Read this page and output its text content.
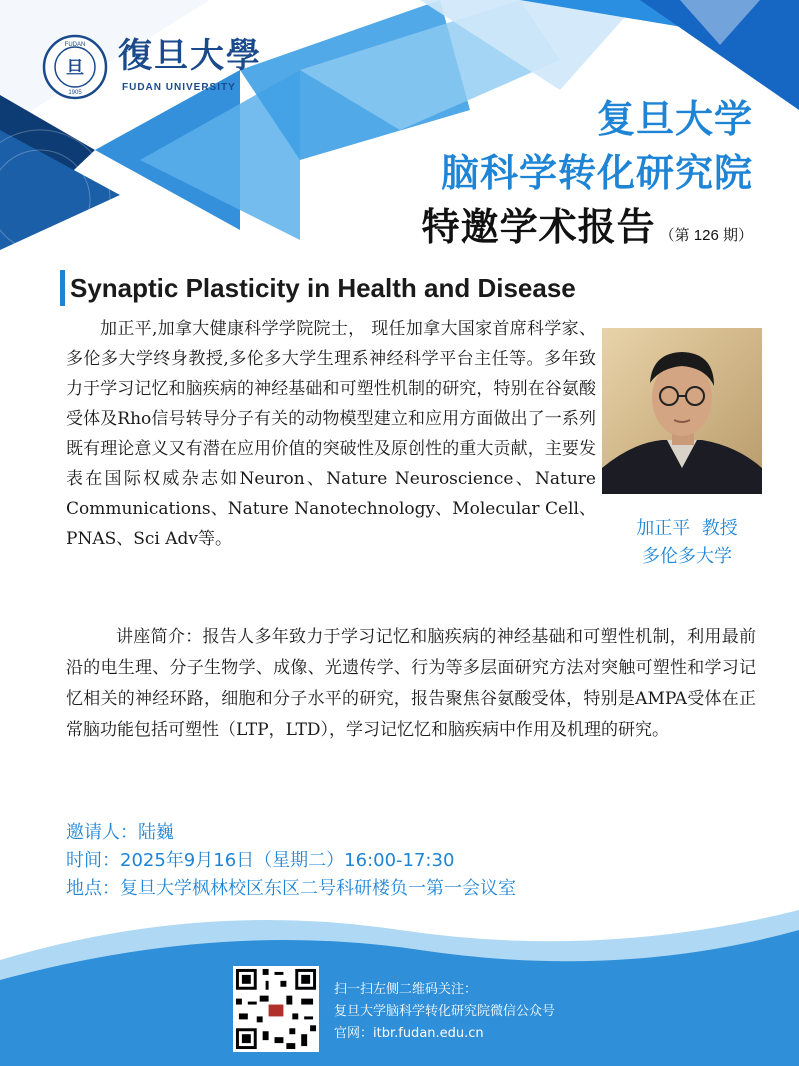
旦
FUDAN
1905
復旦大學
FUDAN UNIVERSITY
复旦大学
脑科学转化研究院
特邀学术报告 （第 126 期）
Synaptic Plasticity in Health and Disease
加正平,加拿大健康科学学院院士， 现任加拿大国家首席科学家、多伦多大学终身教授,多伦多大学生理系神经科学平台主任等。多年致力于学习记忆和脑疾病的神经基础和可塑性机制的研究，特别在谷氨酸受体及Rho信号转导分子有关的动物模型建立和应用方面做出了一系列既有理论意义又有潜在应用价值的突破性及原创性的重大贡献，主要发表在国际权威杂志如Neuron、Nature Neuroscience、Nature Communications、Nature Nanotechnology、Molecular Cell、PNAS、Sci Adv等。	加正平  教授
多伦多大学
讲座简介：报告人多年致力于学习记忆和脑疾病的神经基础和可塑性机制，利用最前沿的电生理、分子生物学、成像、光遗传学、行为等多层面研究方法对突触可塑性和学习记忆相关的神经环路，细胞和分子水平的研究，报告聚焦谷氨酸受体，特别是AMPA受体在正常脑功能包括可塑性（LTP，LTD），学习记忆忆和脑疾病中作用及机理的研究。
邀请人：陆巍
时间：2025年9月16日（星期二）16:00-17:30
地点：复旦大学枫林校区东区二号科研楼负一第一会议室
扫一扫左侧二维码关注：
复旦大学脑科学转化研究院微信公众号
官网：itbr.fudan.edu.cn
